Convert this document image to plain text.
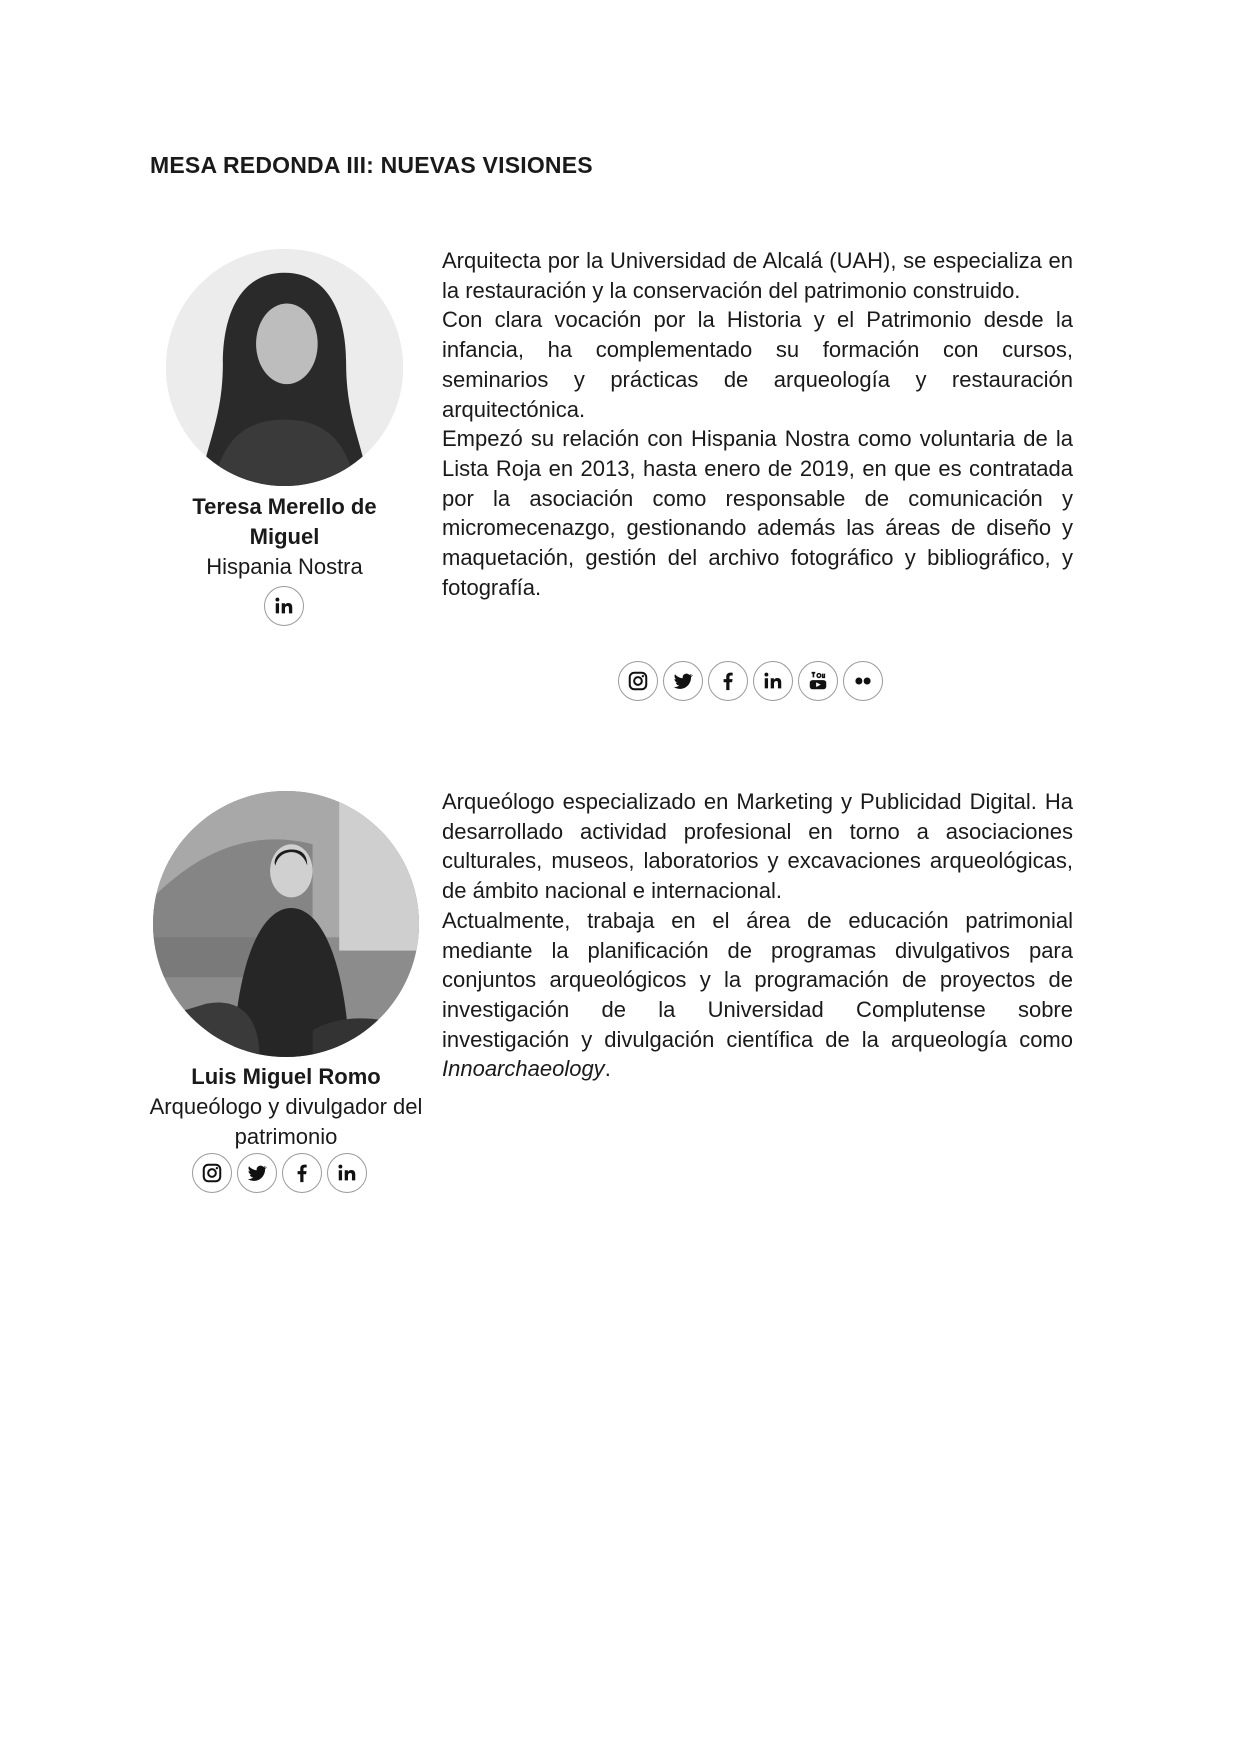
MESA REDONDA III: NUEVAS VISIONES
Teresa Merello de Miguel
Hispania Nostra

Arquitecta por la Universidad de Alcalá (UAH), se especializa en la restauración y la conservación del patrimonio construido.

Con clara vocación por la Historia y el Patrimonio desde la infancia, ha complementado su formación con cursos, seminarios y prácticas de arqueología y restauración arquitectónica.

Empezó su relación con Hispania Nostra como voluntaria de la Lista Roja en 2013, hasta enero de 2019, en que es contratada por la asociación como responsable de comunicación y micromecenazgo, gestionando además las áreas de diseño y maquetación, gestión del archivo fotográfico y bibliográfico, y fotografía.

Luis Miguel Romo
Arqueólogo y divulgador del patrimonio

Arqueólogo especializado en Marketing y Publicidad Digital. Ha desarrollado actividad profesional en torno a asociaciones culturales, museos, laboratorios y excavaciones arqueológicas, de ámbito nacional e internacional.

Actualmente, trabaja en el área de educación patrimonial mediante la planificación de programas divulgativos para conjuntos arqueológicos y la programación de proyectos de investigación de la Universidad Complutense sobre investigación y divulgación científica de la arqueología como Innoarchaeology.
